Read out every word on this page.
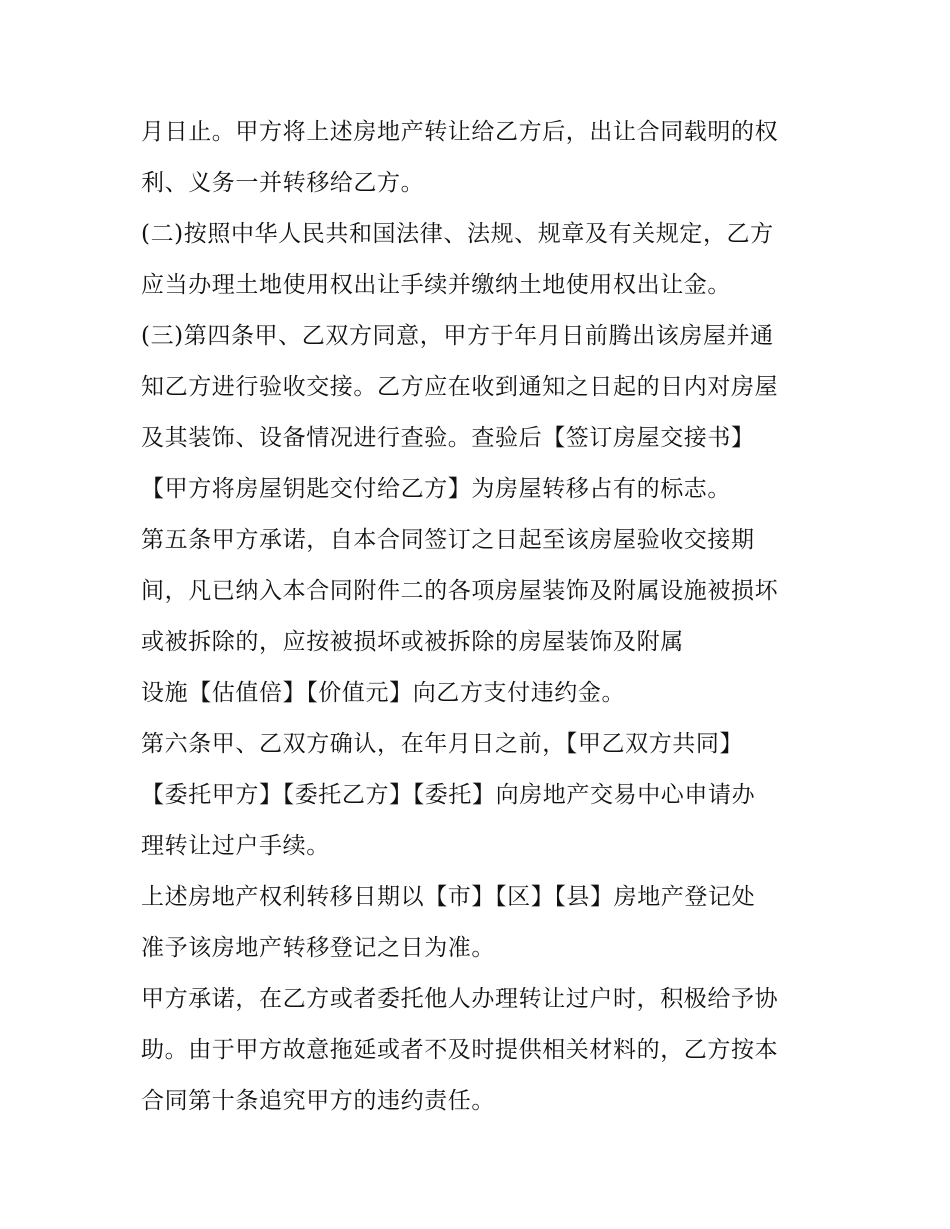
月日止。甲方将上述房地产转让给乙方后，出让合同载明的权
利、义务一并转移给乙方。
(二)按照中华人民共和国法律、法规、规章及有关规定，乙方
应当办理土地使用权出让手续并缴纳土地使用权出让金。
(三)第四条甲、乙双方同意，甲方于年月日前腾出该房屋并通
知乙方进行验收交接。乙方应在收到通知之日起的日内对房屋
及其装饰、设备情况进行查验。查验后【签订房屋交接书】
【甲方将房屋钥匙交付给乙方】为房屋转移占有的标志。
第五条甲方承诺，自本合同签订之日起至该房屋验收交接期
间，凡已纳入本合同附件二的各项房屋装饰及附属设施被损坏
或被拆除的，应按被损坏或被拆除的房屋装饰及附属
设施【估值倍】【价值元】向乙方支付违约金。
第六条甲、乙双方确认，在年月日之前，【甲乙双方共同】
【委托甲方】【委托乙方】【委托】向房地产交易中心申请办
理转让过户手续。
上述房地产权利转移日期以【市】【区】【县】房地产登记处
准予该房地产转移登记之日为准。
甲方承诺，在乙方或者委托他人办理转让过户时，积极给予协
助。由于甲方故意拖延或者不及时提供相关材料的，乙方按本
合同第十条追究甲方的违约责任。
